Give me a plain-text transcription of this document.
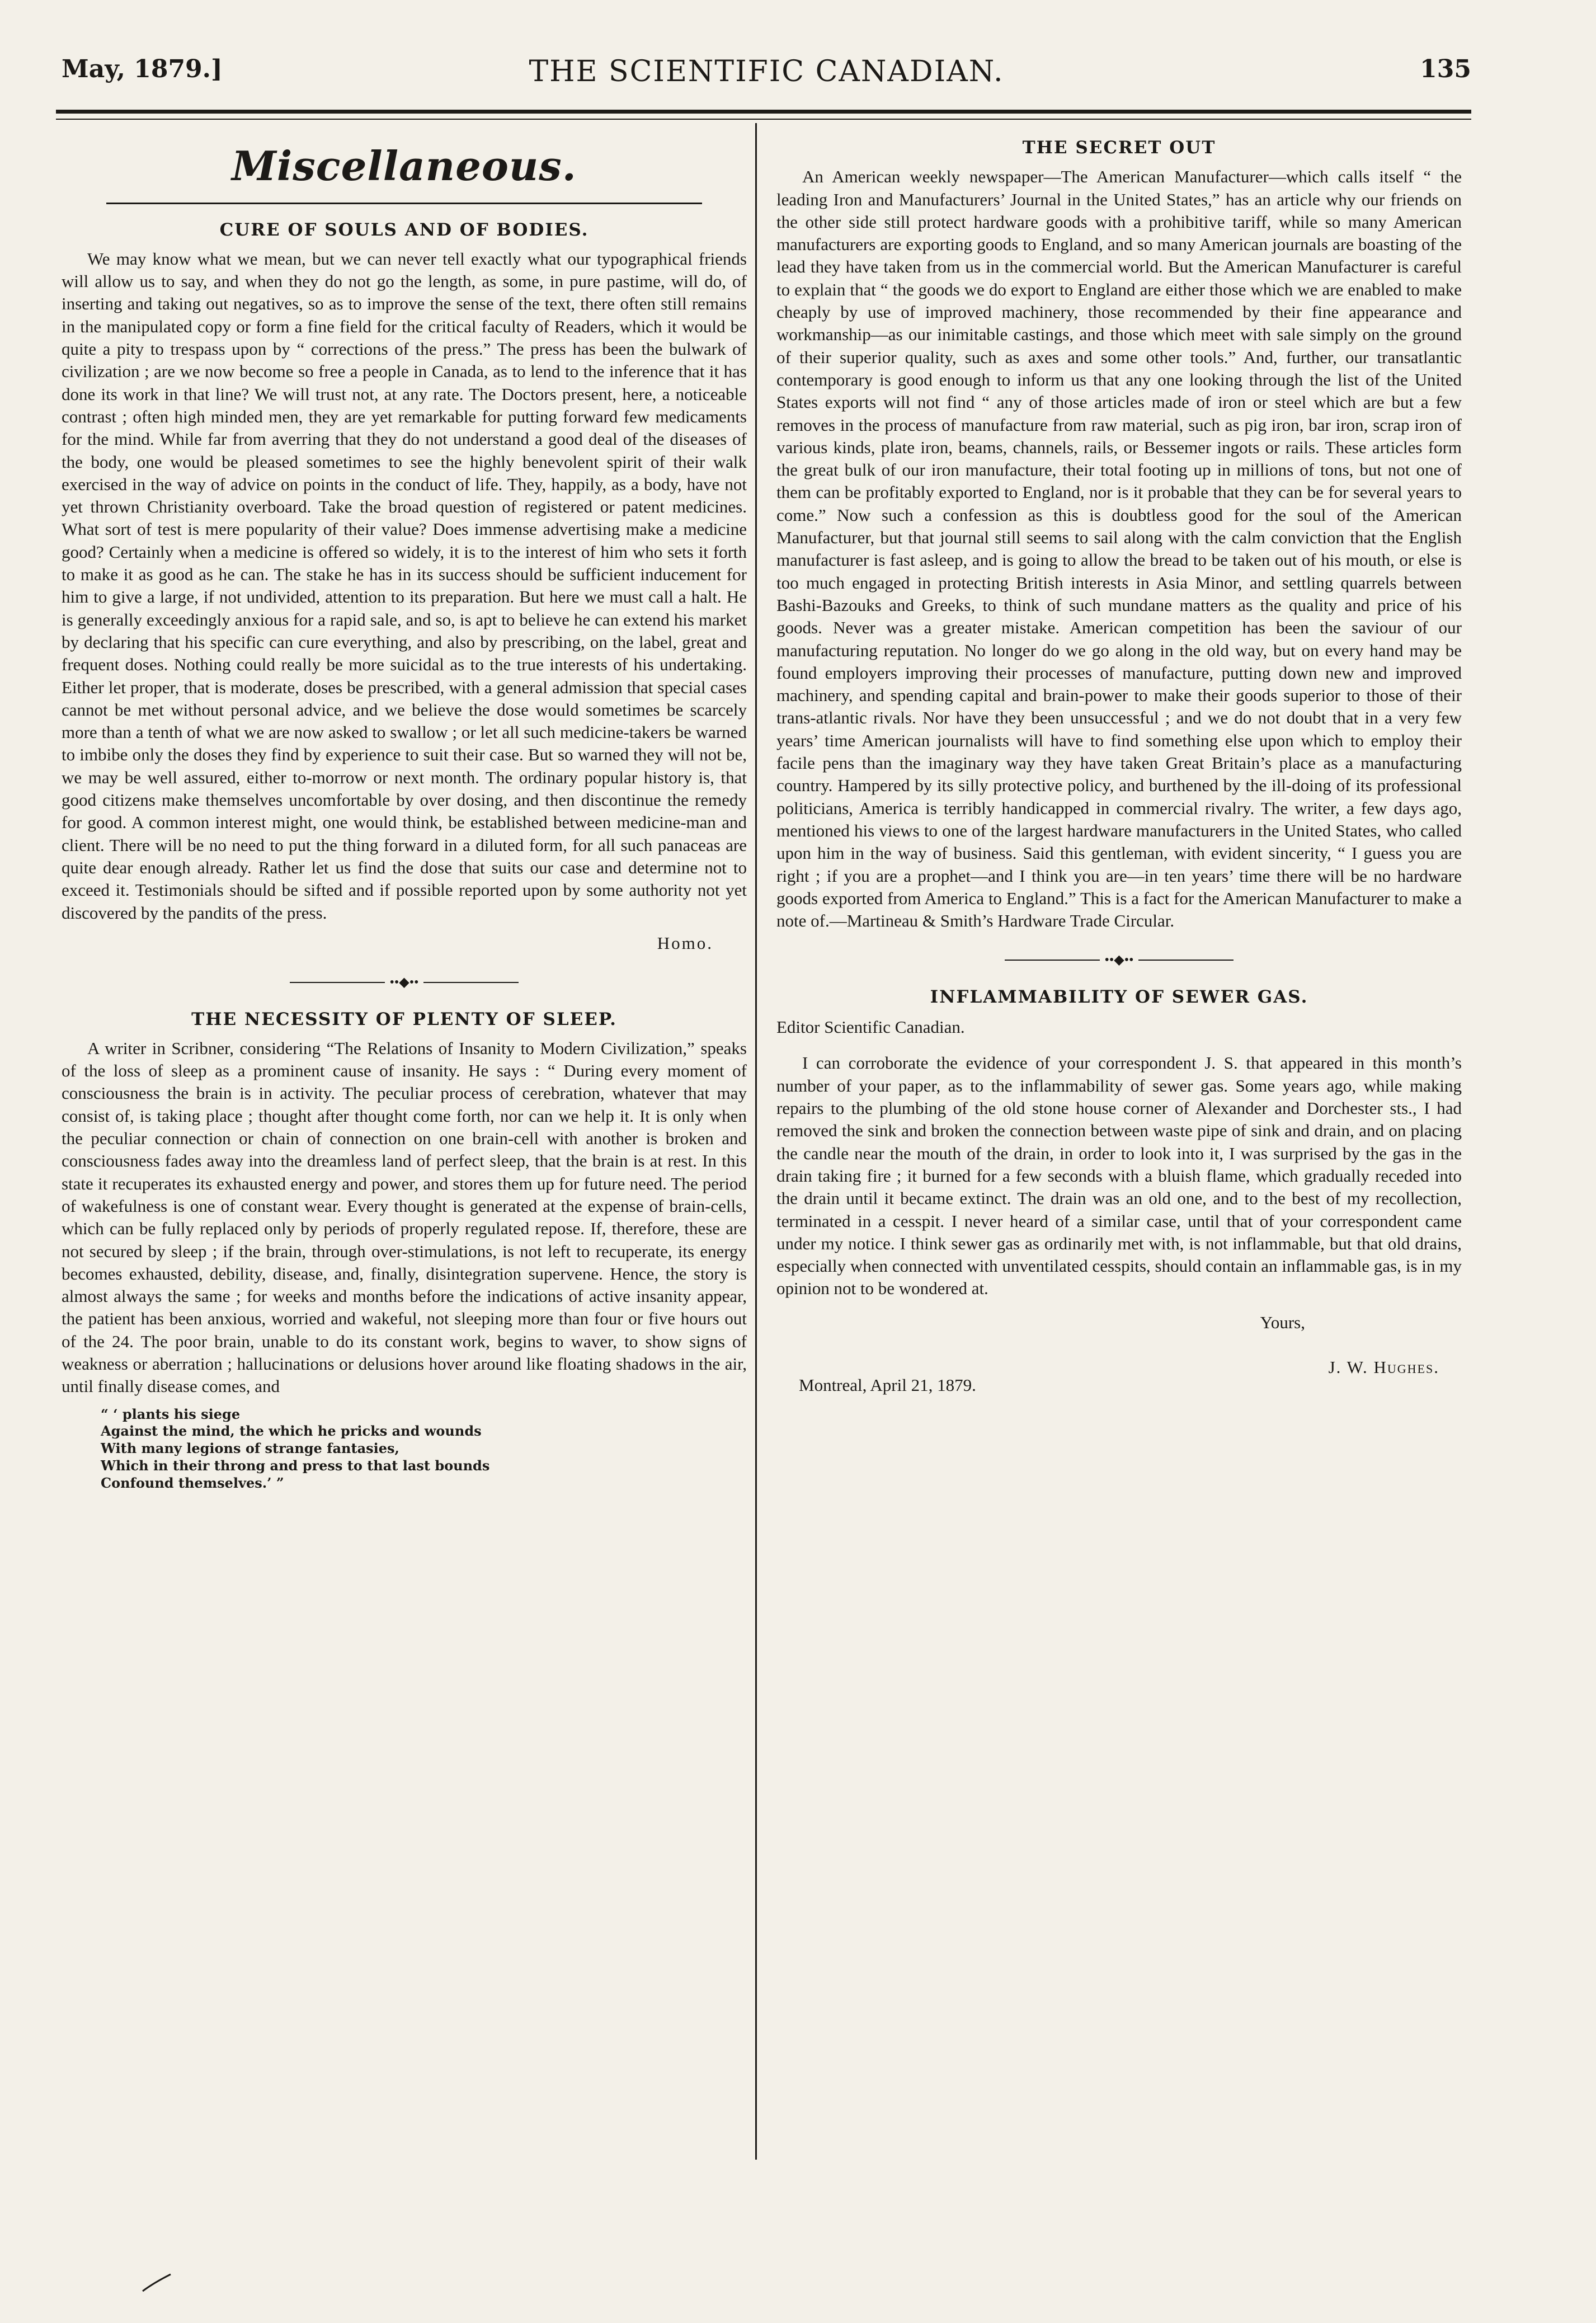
May, 1879.]	THE SCIENTIFIC CANADIAN.	135
Miscellaneous.
CURE OF SOULS AND OF BODIES.

We may know what we mean, but we can never tell exactly what our typographical friends will allow us to say, and when they do not go the length, as some, in pure pastime, will do, of inserting and taking out negatives, so as to improve the sense of the text, there often still remains in the manipulated copy or form a fine field for the critical faculty of Readers, which it would be quite a pity to trespass upon by “ corrections of the press.” The press has been the bulwark of civilization ; are we now become so free a people in Canada, as to lend to the inference that it has done its work in that line? We will trust not, at any rate. The Doctors present, here, a noticeable contrast ; often high minded men, they are yet remarkable for putting forward few medicaments for the mind. While far from averring that they do not understand a good deal of the diseases of the body, one would be pleased sometimes to see the highly benevolent spirit of their walk exercised in the way of advice on points in the conduct of life. They, happily, as a body, have not yet thrown Christianity overboard. Take the broad question of registered or patent medicines. What sort of test is mere popularity of their value? Does immense advertising make a medicine good? Certainly when a medicine is offered so widely, it is to the interest of him who sets it forth to make it as good as he can. The stake he has in its success should be sufficient inducement for him to give a large, if not undivided, attention to its preparation. But here we must call a halt. He is generally exceedingly anxious for a rapid sale, and so, is apt to believe he can extend his market by declaring that his specific can cure everything, and also by prescribing, on the label, great and frequent doses. Nothing could really be more suicidal as to the true interests of his undertaking. Either let proper, that is moderate, doses be prescribed, with a general admission that special cases cannot be met without personal advice, and we believe the dose would sometimes be scarcely more than a tenth of what we are now asked to swallow ; or let all such medicine-takers be warned to imbibe only the doses they find by experience to suit their case. But so warned they will not be, we may be well assured, either to-morrow or next month. The ordinary popular history is, that good citizens make themselves uncomfortable by over dosing, and then discontinue the remedy for good. A common interest might, one would think, be established between medicine-man and client. There will be no need to put the thing forward in a diluted form, for all such panaceas are quite dear enough already. Rather let us find the dose that suits our case and determine not to exceed it. Testimonials should be sifted and if possible reported upon by some authority not yet discovered by the pandits of the press.

Homo.
••◆••
THE NECESSITY OF PLENTY OF SLEEP.

A writer in Scribner, considering “The Relations of Insanity to Modern Civilization,” speaks of the loss of sleep as a prominent cause of insanity. He says : “ During every moment of consciousness the brain is in activity. The peculiar process of cerebration, whatever that may consist of, is taking place ; thought after thought come forth, nor can we help it. It is only when the peculiar connection or chain of connection on one brain-cell with another is broken and consciousness fades away into the dreamless land of perfect sleep, that the brain is at rest. In this state it recuperates its exhausted energy and power, and stores them up for future need. The period of wakefulness is one of constant wear. Every thought is generated at the expense of brain-cells, which can be fully replaced only by periods of properly regulated repose. If, therefore, these are not secured by sleep ; if the brain, through over-stimulations, is not left to recuperate, its energy becomes exhausted, debility, disease, and, finally, disintegration supervene. Hence, the story is almost always the same ; for weeks and months before the indications of active insanity appear, the patient has been anxious, worried and wakeful, not sleeping more than four or five hours out of the 24. The poor brain, unable to do its constant work, begins to waver, to show signs of weakness or aberration ; hallucinations or delusions hover around like floating shadows in the air, until finally disease comes, and

“ ‘ plants his siege
Against the mind, the which he pricks and wounds
With many legions of strange fantasies,
Which in their throng and press to that last bounds
Confound themselves.’ ”
THE SECRET OUT

An American weekly newspaper—The American Manufacturer—which calls itself “ the leading Iron and Manufacturers’ Journal in the United States,” has an article why our friends on the other side still protect hardware goods with a prohibitive tariff, while so many American manufacturers are exporting goods to England, and so many American journals are boasting of the lead they have taken from us in the commercial world. But the American Manufacturer is careful to explain that “ the goods we do export to England are either those which we are enabled to make cheaply by use of improved machinery, those recommended by their fine appearance and workmanship—as our inimitable castings, and those which meet with sale simply on the ground of their superior quality, such as axes and some other tools.” And, further, our transatlantic contemporary is good enough to inform us that any one looking through the list of the United States exports will not find “ any of those articles made of iron or steel which are but a few removes in the process of manufacture from raw material, such as pig iron, bar iron, scrap iron of various kinds, plate iron, beams, channels, rails, or Bessemer ingots or rails. These articles form the great bulk of our iron manufacture, their total footing up in millions of tons, but not one of them can be profitably exported to England, nor is it probable that they can be for several years to come.” Now such a confession as this is doubtless good for the soul of the American Manufacturer, but that journal still seems to sail along with the calm conviction that the English manufacturer is fast asleep, and is going to allow the bread to be taken out of his mouth, or else is too much engaged in protecting British interests in Asia Minor, and settling quarrels between Bashi-Bazouks and Greeks, to think of such mundane matters as the quality and price of his goods. Never was a greater mistake. American competition has been the saviour of our manufacturing reputation. No longer do we go along in the old way, but on every hand may be found employers improving their processes of manufacture, putting down new and improved machinery, and spending capital and brain-power to make their goods superior to those of their trans-atlantic rivals. Nor have they been unsuccessful ; and we do not doubt that in a very few years’ time American journalists will have to find something else upon which to employ their facile pens than the imaginary way they have taken Great Britain’s place as a manufacturing country. Hampered by its silly protective policy, and burthened by the ill-doing of its professional politicians, America is terribly handicapped in commercial rivalry. The writer, a few days ago, mentioned his views to one of the largest hardware manufacturers in the United States, who called upon him in the way of business. Said this gentleman, with evident sincerity, “ I guess you are right ; if you are a prophet—and I think you are—in ten years’ time there will be no hardware goods exported from America to England.” This is a fact for the American Manufacturer to make a note of.—Martineau & Smith’s Hardware Trade Circular.

••◆••
INFLAMMABILITY OF SEWER GAS.

Editor Scientific Canadian.

I can corroborate the evidence of your correspondent J. S. that appeared in this month’s number of your paper, as to the inflammability of sewer gas. Some years ago, while making repairs to the plumbing of the old stone house corner of Alexander and Dorchester sts., I had removed the sink and broken the connection between waste pipe of sink and drain, and on placing the candle near the mouth of the drain, in order to look into it, I was surprised by the gas in the drain taking fire ; it burned for a few seconds with a bluish flame, which gradually receded into the drain until it became extinct. The drain was an old one, and to the best of my recollection, terminated in a cesspit. I never heard of a similar case, until that of your correspondent came under my notice. I think sewer gas as ordinarily met with, is not inflammable, but that old drains, especially when connected with unventilated cesspits, should contain an inflammable gas, is in my opinion not to be wondered at.

Yours,
J. W. Hughes.
Montreal, April 21, 1879.
